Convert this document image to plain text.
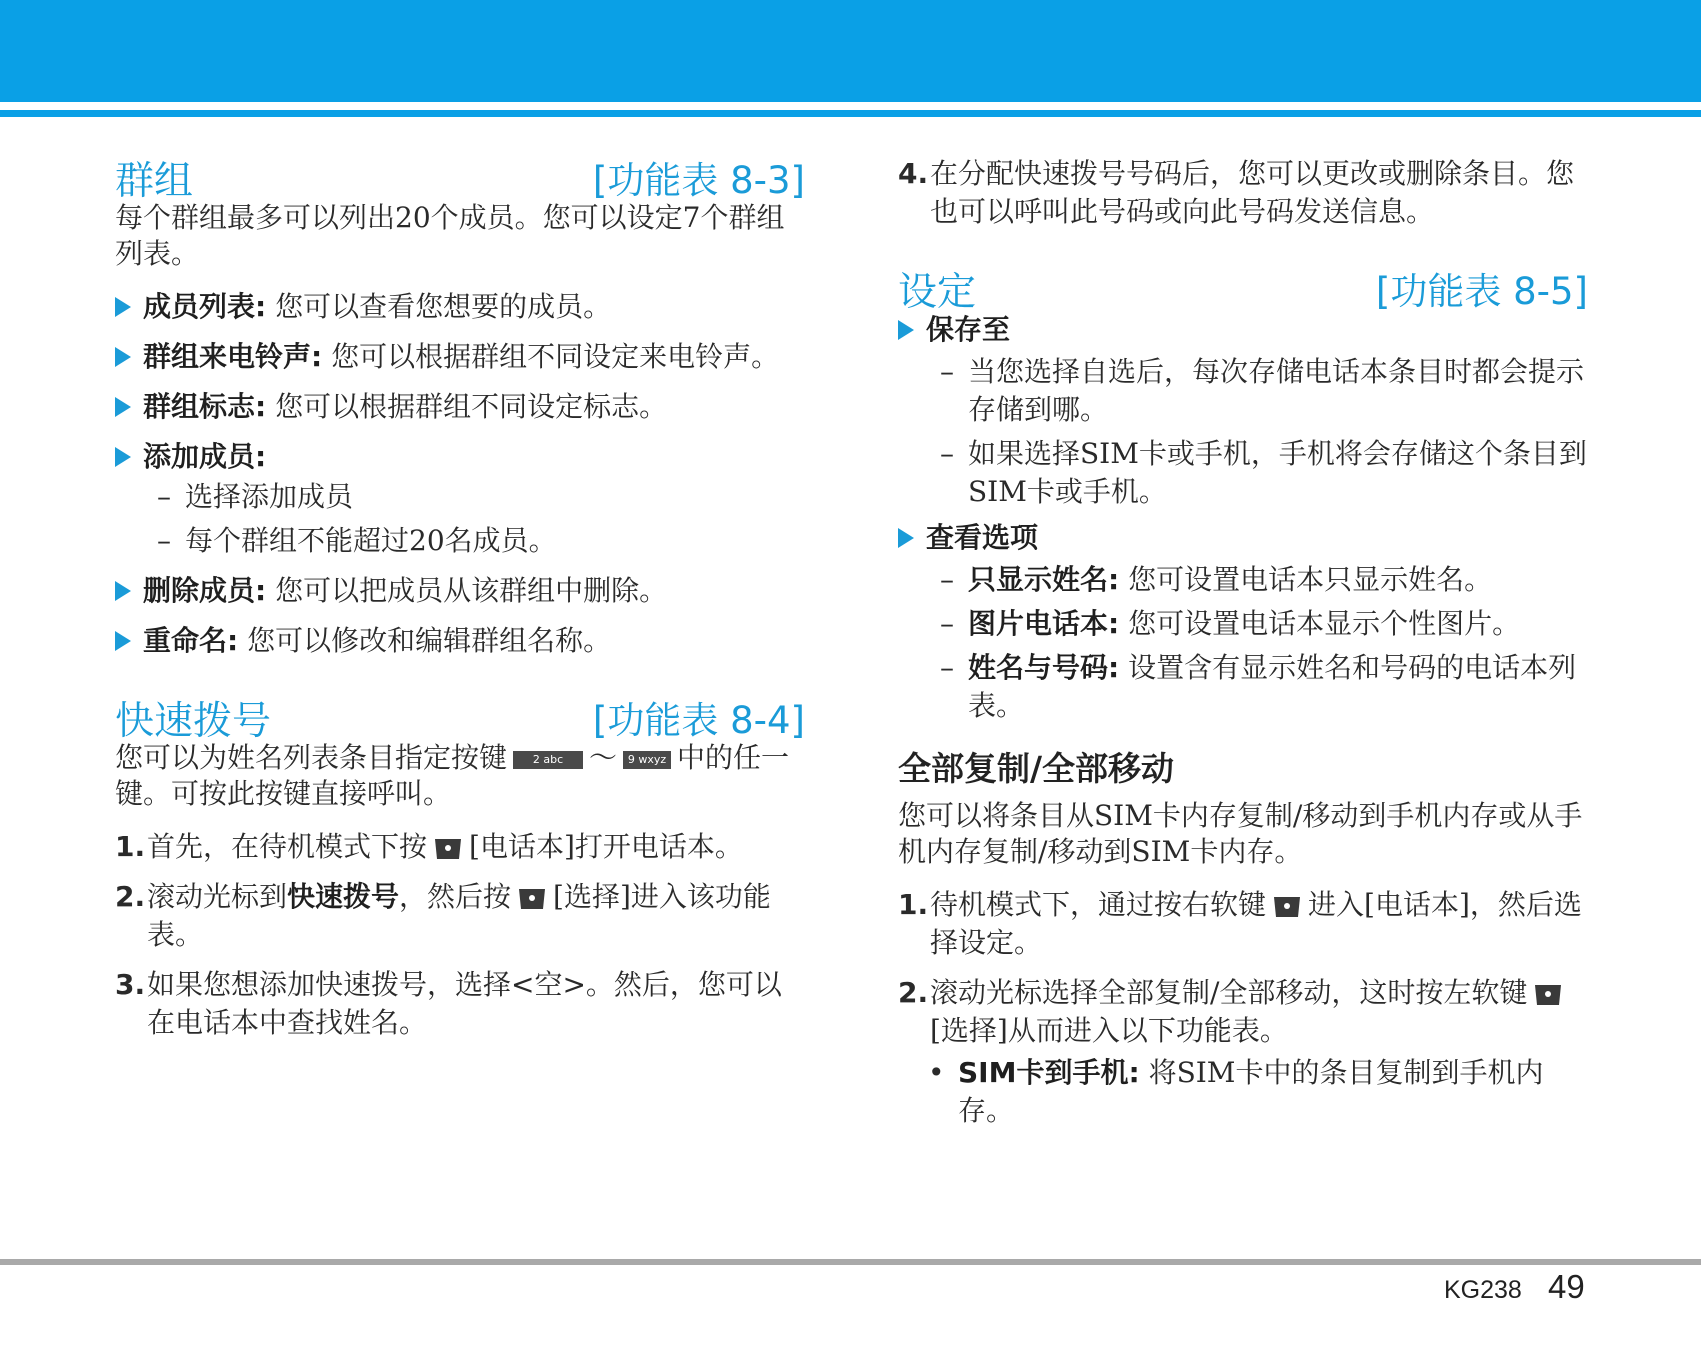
群组	[功能表 8-3]

每个群组最多可以列出20个成员。您可以设定7个群组列表。

成员列表: 您可以查看您想要的成员。
群组来电铃声: 您可以根据群组不同设定来电铃声。
群组标志: 您可以根据群组不同设定标志。
添加成员:
– 选择添加成员
– 每个群组不能超过20名成员。
删除成员: 您可以把成员从该群组中删除。
重命名: 您可以修改和编辑群组名称。
快速拨号	[功能表 8-4]

您可以为姓名列表条目指定按键 2 abc ～ 9 wxyz 中的任一键。可按此按键直接呼叫。

1. 首先，在待机模式下按 [电话本]打开电话本。
2. 滚动光标到快速拨号，然后按 [选择]进入该功能表。
3. 如果您想添加快速拨号，选择<空>。然后，您可以在电话本中查找姓名。
4. 在分配快速拨号号码后，您可以更改或删除条目。您也可以呼叫此号码或向此号码发送信息。
设定	[功能表 8-5]
保存至
– 当您选择自选后，每次存储电话本条目时都会提示存储到哪。
– 如果选择SIM卡或手机，手机将会存储这个条目到SIM卡或手机。
查看选项
– 只显示姓名: 您可设置电话本只显示姓名。
– 图片电话本: 您可设置电话本显示个性图片。
– 姓名与号码: 设置含有显示姓名和号码的电话本列表。
全部复制/全部移动

您可以将条目从SIM卡内存复制/移动到手机内存或从手机内存复制/移动到SIM卡内存。

1. 待机模式下，通过按右软键 进入[电话本]，然后选择设定。
2. 滚动光标选择全部复制/全部移动，这时按左软键[选择]从而进入以下功能表。
• SIM卡到手机: 将SIM卡中的条目复制到手机内存。
KG238 49
